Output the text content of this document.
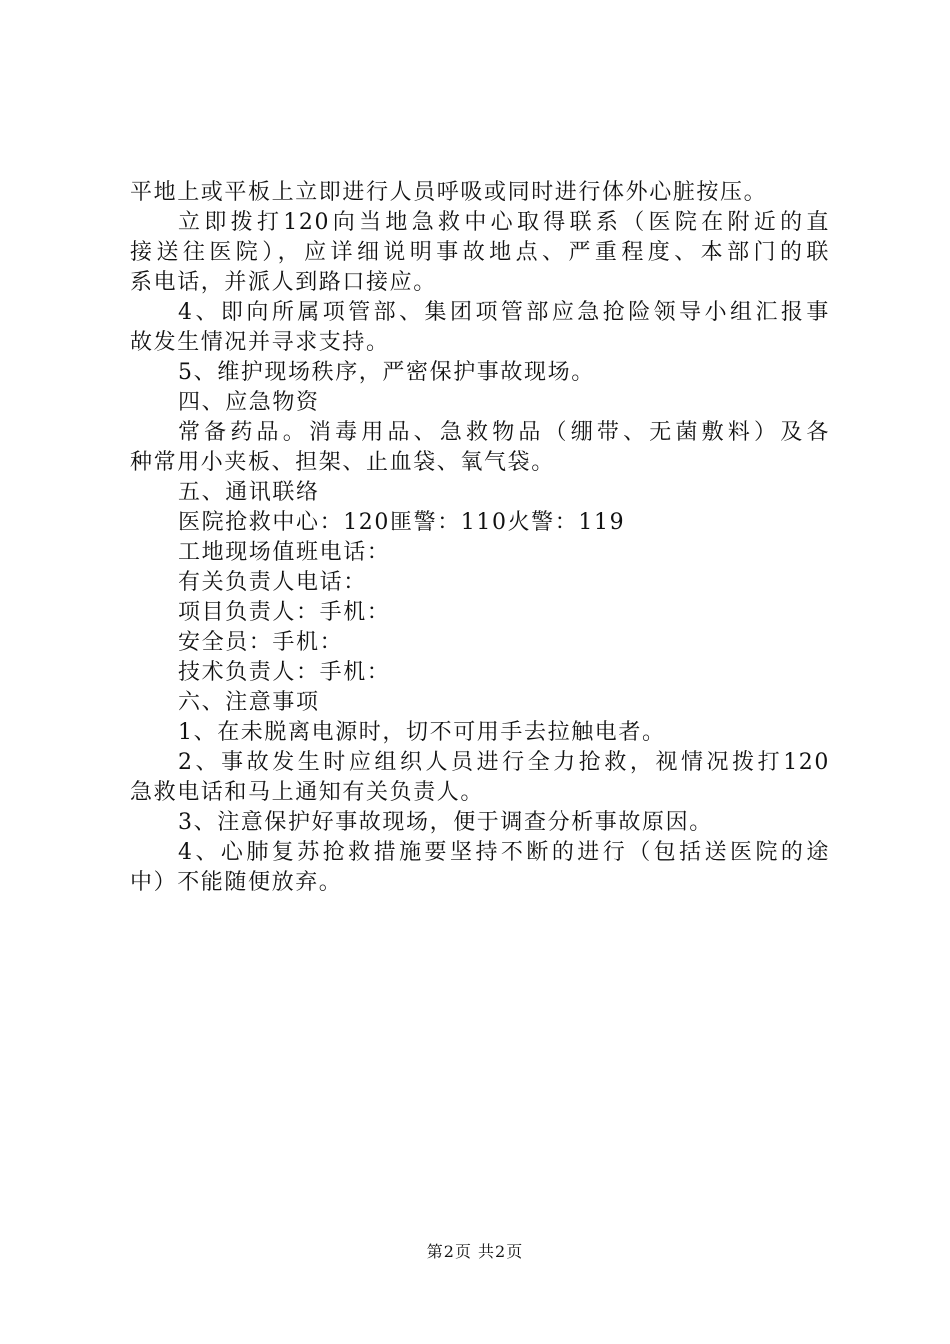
平地上或平板上立即进行人员呼吸或同时进行体外心脏按压。
立即拨打120向当地急救中心取得联系（医院在附近的直
接送往医院），应详细说明事故地点、严重程度、本部门的联
系电话，并派人到路口接应。
4、即向所属项管部、集团项管部应急抢险领导小组汇报事
故发生情况并寻求支持。
5、维护现场秩序，严密保护事故现场。
四、应急物资
常备药品。消毒用品、急救物品（绷带、无菌敷料）及各
种常用小夹板、担架、止血袋、氧气袋。
五、通讯联络
医院抢救中心：120匪警：110火警：119
工地现场值班电话：
有关负责人电话：
项目负责人：手机：
安全员：手机：
技术负责人：手机：
六、注意事项
1、在未脱离电源时，切不可用手去拉触电者。
2、事故发生时应组织人员进行全力抢救，视情况拨打120
急救电话和马上通知有关负责人。
3、注意保护好事故现场，便于调查分析事故原因。
4、心肺复苏抢救措施要坚持不断的进行（包括送医院的途
中）不能随便放弃。
第2页 共2页
